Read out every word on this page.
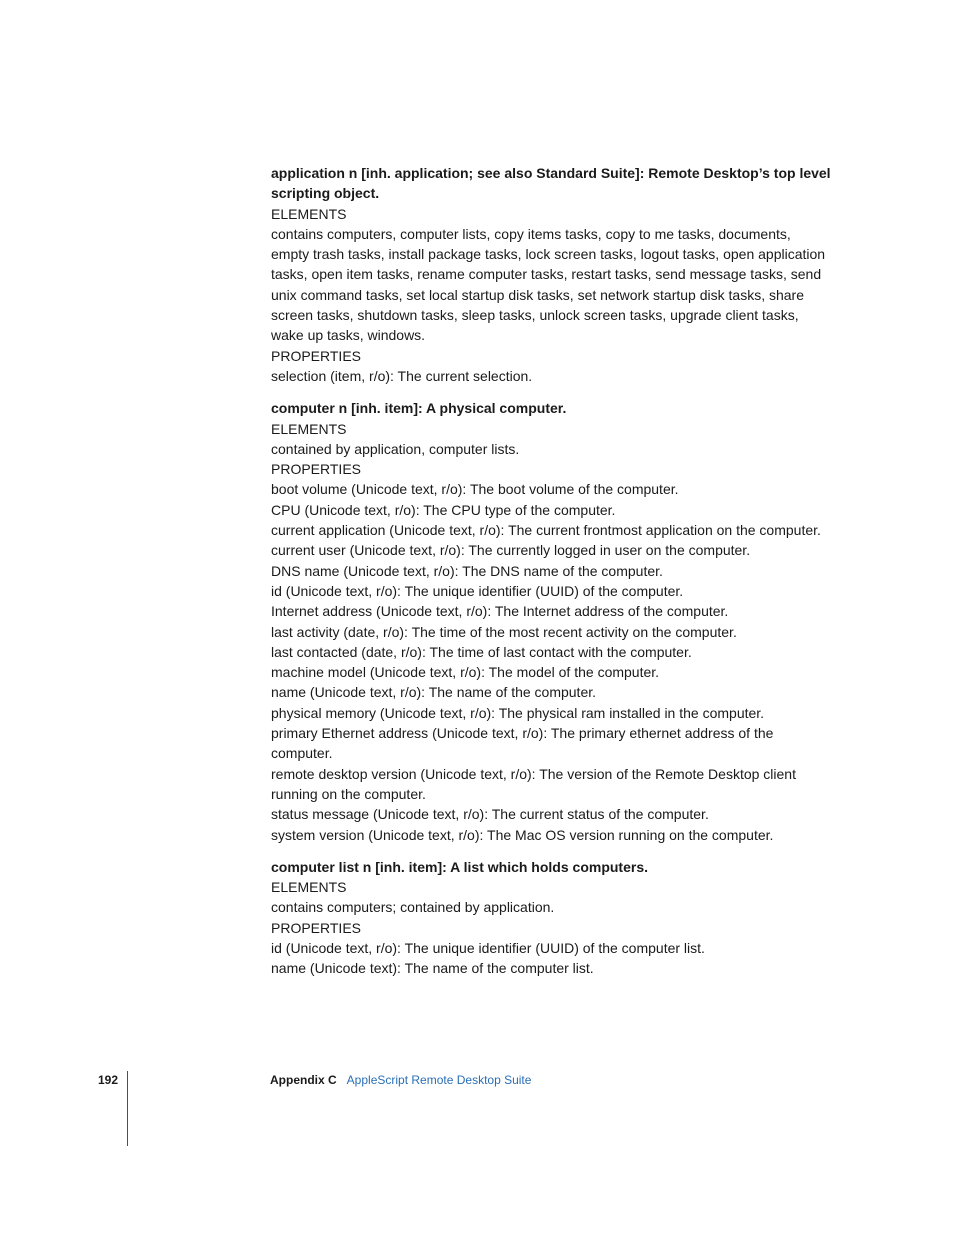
application n [inh. application; see also Standard Suite]: Remote Desktop’s top level scripting object.
ELEMENTS
contains computers, computer lists, copy items tasks, copy to me tasks, documents, empty trash tasks, install package tasks, lock screen tasks, logout tasks, open application tasks, open item tasks, rename computer tasks, restart tasks, send message tasks, send unix command tasks, set local startup disk tasks, set network startup disk tasks, share screen tasks, shutdown tasks, sleep tasks, unlock screen tasks, upgrade client tasks, wake up tasks, windows.
PROPERTIES
selection (item, r/o): The current selection.
computer n [inh. item]: A physical computer.
ELEMENTS
contained by application, computer lists.
PROPERTIES
boot volume (Unicode text, r/o): The boot volume of the computer.
CPU (Unicode text, r/o): The CPU type of the computer.
current application (Unicode text, r/o): The current frontmost application on the computer.
current user (Unicode text, r/o): The currently logged in user on the computer.
DNS name (Unicode text, r/o): The DNS name of the computer.
id (Unicode text, r/o): The unique identifier (UUID) of the computer.
Internet address (Unicode text, r/o): The Internet address of the computer.
last activity (date, r/o): The time of the most recent activity on the computer.
last contacted (date, r/o): The time of last contact with the computer.
machine model (Unicode text, r/o): The model of the computer.
name (Unicode text, r/o): The name of the computer.
physical memory (Unicode text, r/o): The physical ram installed in the computer.
primary Ethernet address (Unicode text, r/o): The primary ethernet address of the computer.
remote desktop version (Unicode text, r/o): The version of the Remote Desktop client running on the computer.
status message (Unicode text, r/o): The current status of the computer.
system version (Unicode text, r/o): The Mac OS version running on the computer.
computer list n [inh. item]: A list which holds computers.
ELEMENTS
contains computers; contained by application.
PROPERTIES
id (Unicode text, r/o): The unique identifier (UUID) of the computer list.
name (Unicode text): The name of the computer list.
192	Appendix C AppleScript Remote Desktop Suite
